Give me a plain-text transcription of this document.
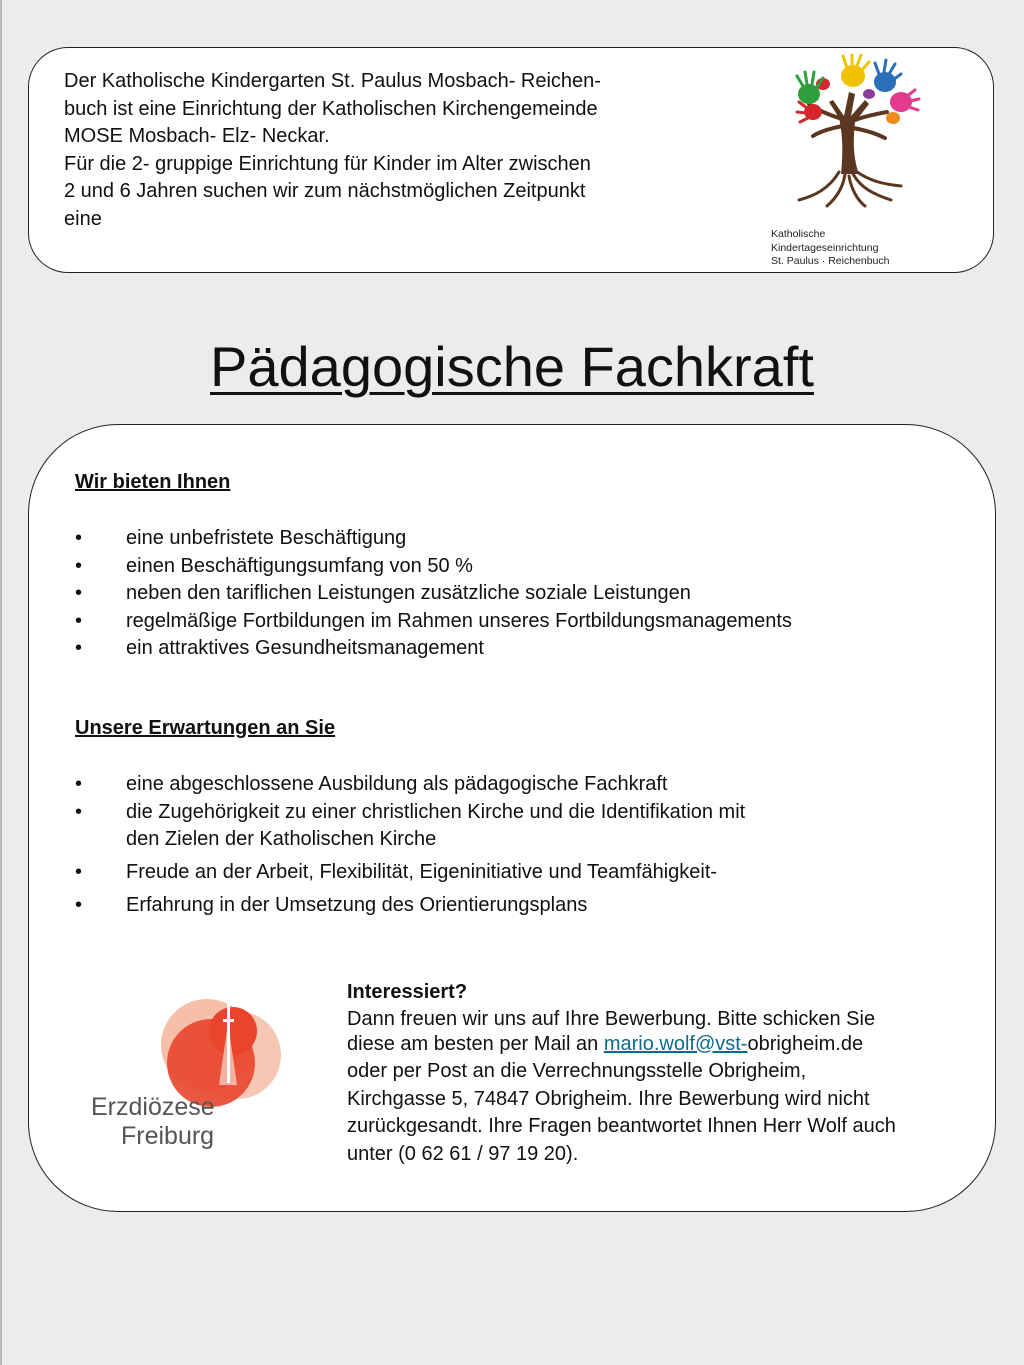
Der Katholische Kindergarten St. Paulus Mosbach- Reichen-
buch ist eine Einrichtung der Katholischen Kirchengemeinde
MOSE Mosbach- Elz- Neckar.
Für die 2- gruppige Einrichtung für Kinder im Alter zwischen
2 und 6 Jahren suchen wir zum nächstmöglichen Zeitpunkt
eine
Katholische
Kindertageseinrichtung
St. Paulus · Reichenbuch
Pädagogische Fachkraft
Wir bieten Ihnen
• eine unbefristete Beschäftigung
• einen Beschäftigungsumfang von 50 %
• neben den tariflichen Leistungen zusätzliche soziale Leistungen
• regelmäßige Fortbildungen im Rahmen unseres Fortbildungsmanagements
• ein attraktives Gesundheitsmanagement
Unsere Erwartungen an Sie
• eine abgeschlossene Ausbildung als pädagogische Fachkraft
• die Zugehörigkeit zu einer christlichen Kirche und die Identifikation mit
den Zielen der Katholischen Kirche
• Freude an der Arbeit, Flexibilität, Eigeninitiative und Teamfähigkeit-
• Erfahrung in der Umsetzung des Orientierungsplans
Erzdiözese
Freiburg
Interessiert?
Dann freuen wir uns auf Ihre Bewerbung. Bitte schicken Sie
diese am besten per Mail an mario.wolf@vst-obrigheim.de
oder per Post an die Verrechnungsstelle Obrigheim,
Kirchgasse 5, 74847 Obrigheim. Ihre Bewerbung wird nicht
zurückgesandt. Ihre Fragen beantwortet Ihnen Herr Wolf auch
unter (0 62 61 / 97 19 20).
